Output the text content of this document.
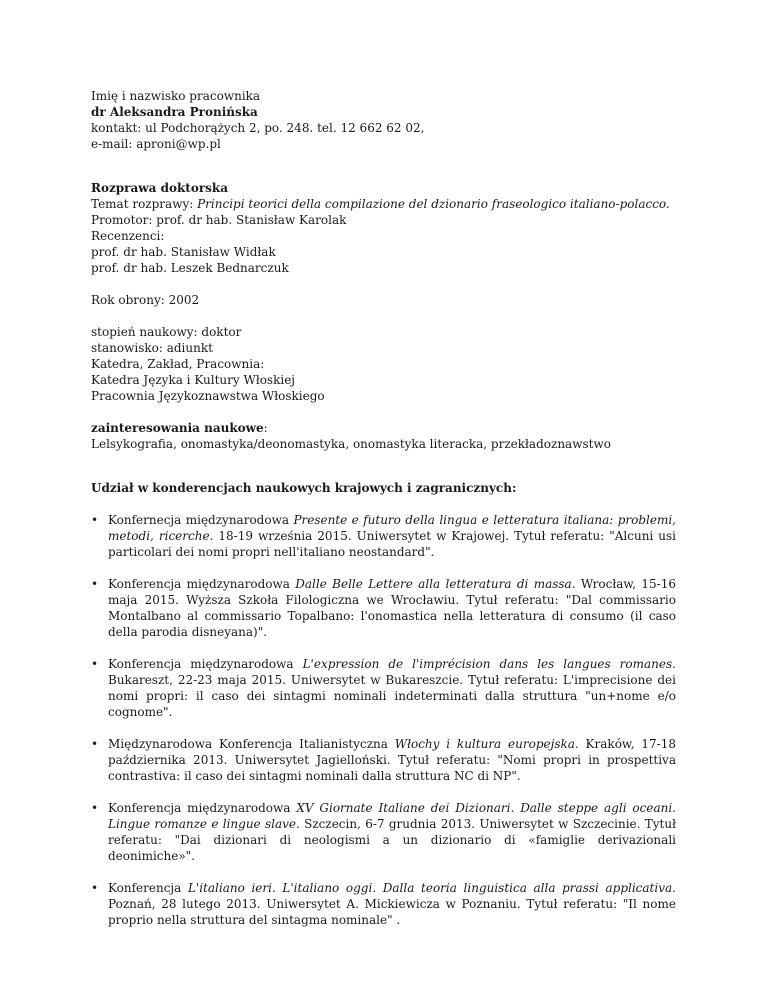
Imię i nazwisko pracownika

dr Aleksandra Pronińska

kontakt: ul Podchorążych 2, po. 248. tel. 12 662 62 02,

e-mail: aproni@wp.pl

Rozprawa doktorska

Temat rozprawy: Principi teorici della compilazione del dzionario fraseologico italiano-polacco.

Promotor: prof. dr hab. Stanisław Karolak

Recenzenci:

prof. dr hab. Stanisław Widłak

prof. dr hab. Leszek Bednarczuk

Rok obrony: 2002

stopień naukowy: doktor

stanowisko: adiunkt

Katedra, Zakład, Pracownia:

Katedra Języka i Kultury Włoskiej

Pracownia Językoznawstwa Włoskiego

zainteresowania naukowe:

Lelsykografia, onomastyka/deonomastyka, onomastyka literacka, przekładoznawstwo

Udział w konderencjach naukowych krajowych i zagranicznych:

• Konfernecja międzynarodowa Presente e futuro della lingua e letteratura italiana: problemi, metodi, ricerche. 18-19 września 2015. Uniwersytet w Krajowej. Tytuł referatu: "Alcuni usi particolari dei nomi propri nell'italiano neostandard".
• Konferencja międzynarodowa Dalle Belle Lettere alla letteratura di massa. Wrocław, 15-16 maja 2015. Wyższa Szkoła Filologiczna we Wrocławiu. Tytuł referatu: "Dal commissario Montalbano al commissario Topalbano: l'onomastica nella letteratura di consumo (il caso della parodia disneyana)".
• Konferencja międzynarodowa L'expression de l'imprécision dans les langues romanes. Bukareszt, 22-23 maja 2015. Uniwersytet w Bukareszcie. Tytuł referatu: L'imprecisione dei nomi propri: il caso dei sintagmi nominali indeterminati dalla struttura "un+nome e/o cognome".
• Międzynarodowa Konferencja Italianistyczna Włochy i kultura europejska. Kraków, 17-18 października 2013. Uniwersytet Jagielloński. Tytuł referatu: "Nomi propri in prospettiva contrastiva: il caso dei sintagmi nominali dalla struttura NC di NP".
• Konferencja międzynarodowa XV Giornate Italiane dei Dizionari. Dalle steppe agli oceani. Lingue romanze e lingue slave. Szczecin, 6-7 grudnia 2013. Uniwersytet w Szczecinie. Tytuł referatu: "Dai dizionari di neologismi a un dizionario di «famiglie derivazionali deonimiche»".
• Konferencja L'italiano ieri. L'italiano oggi. Dalla teoria linguistica alla prassi applicativa. Poznań, 28 lutego 2013. Uniwersytet A. Mickiewicza w Poznaniu. Tytuł referatu: "Il nome proprio nella struttura del sintagma nominale" .
